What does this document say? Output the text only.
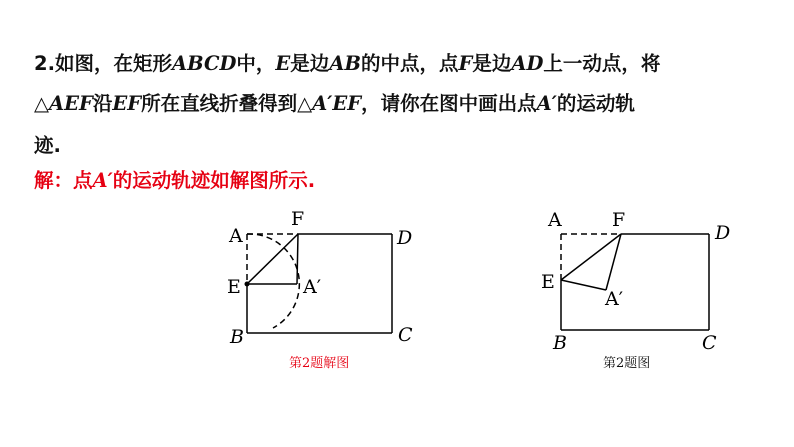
2.如图，在矩形ABCD中，E是边AB的中点，点F是边AD上一动点，将
△AEF沿EF所在直线折叠得到△A′EF，请你在图中画出点A′的运动轨
迹.
解：点A′的运动轨迹如解图所示.
A
F
D
E	A′
B	C
第2题解图
A	F
D
E
A′
B	C
第2题图
